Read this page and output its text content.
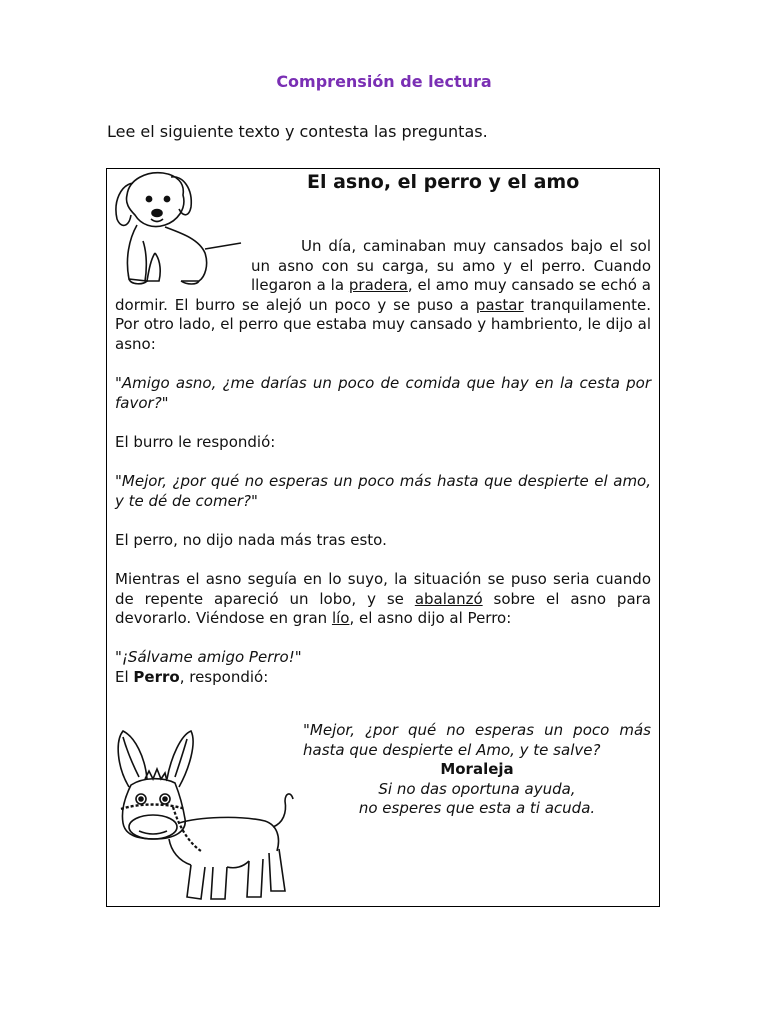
Comprensión de lectura

Lee el siguiente texto y contesta las preguntas.

El asno, el perro y el amo

Un día, caminaban muy cansados bajo el sol un asno con su carga, su amo y el perro. Cuando llegaron a la pradera, el amo muy cansado se echó a dormir. El burro se alejó un poco y se puso a pastar tranquilamente. Por otro lado, el perro que estaba muy cansado y hambriento, le dijo al asno:

"Amigo asno, ¿me darías un poco de comida que hay en la cesta por favor?"

El burro le respondió:

"Mejor, ¿por qué no esperas un poco más hasta que despierte el amo, y te dé de comer?"

El perro, no dijo nada más tras esto.

Mientras el asno seguía en lo suyo, la situación se puso seria cuando de repente apareció un lobo, y se abalanzó sobre el asno para devorarlo. Viéndose en gran lío, el asno dijo al Perro:

"¡Sálvame amigo Perro!"

El Perro, respondió:

"Mejor, ¿por qué no esperas un poco más hasta que despierte el Amo, y te salve?

Moraleja

Si no das oportuna ayuda,

no esperes que esta a ti acuda.
